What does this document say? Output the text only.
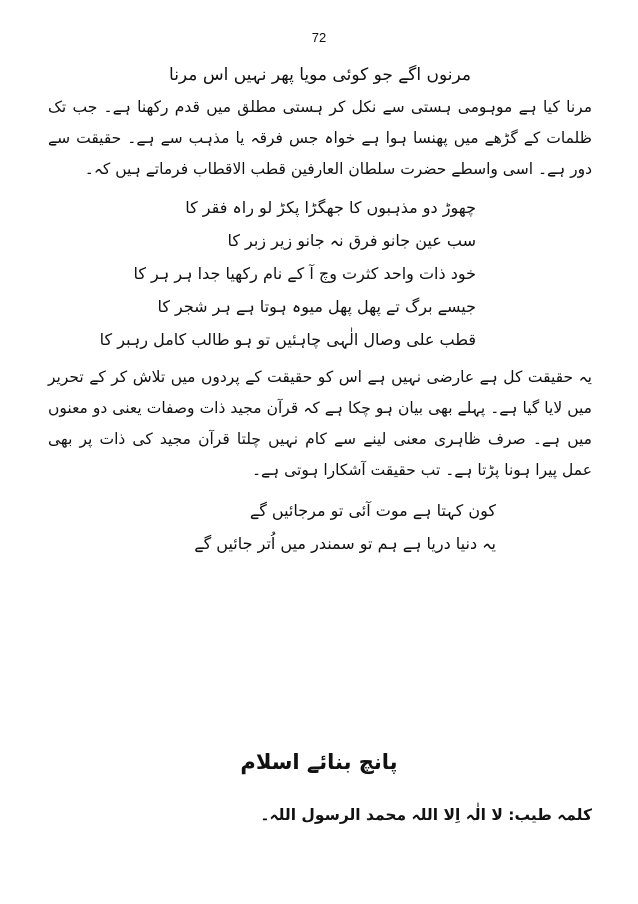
72
مرنوں اگے جو کوئی مویا پھر نہیں اس مرنا

مرنا کیا ہے موہومی ہستی سے نکل کر ہستی مطلق میں قدم رکھنا ہے۔ جب تک ظلمات کے گڑھے میں پھنسا ہوا ہے خواہ جس فرقہ یا مذہب سے ہے۔ حقیقت سے دور ہے۔ اسی واسطے حضرت سلطان العارفین قطب الاقطاب فرماتے ہیں کہ۔

چھوڑ دو مذہبوں کا جھگڑا پکڑ لو راہ فقر کا
سب عین جانو فرق نہ جانو زیر زبر کا
خود ذات واحد کثرت وچ آ کے نام رکھیا جدا ہر ہر کا
جیسے برگ تے پھل پھل میوہ ہوتا ہے ہر شجر کا
قطب علی وصال الٰہی چاہئیں تو ہو طالب کامل رہبر کا

یہ حقیقت کل ہے عارضی نہیں ہے اس کو حقیقت کے پردوں میں تلاش کر کے تحریر میں لایا گیا ہے۔ پہلے بھی بیان ہو چکا ہے کہ قرآن مجید ذات وصفات یعنی دو معنوں میں ہے۔ صرف ظاہری معنی لینے سے کام نہیں چلتا قرآن مجید کی ذات پر بھی عمل پیرا ہونا پڑتا ہے۔ تب حقیقت آشکارا ہوتی ہے۔

کون کہتا ہے موت آئی تو مرجائیں گے
یہ دنیا دریا ہے ہم تو سمندر میں اُتر جائیں گے
پانچ بنائے اسلام
کلمہ طیب: لا الٰہ اِلا اللہ محمد الرسول اللہ۔
